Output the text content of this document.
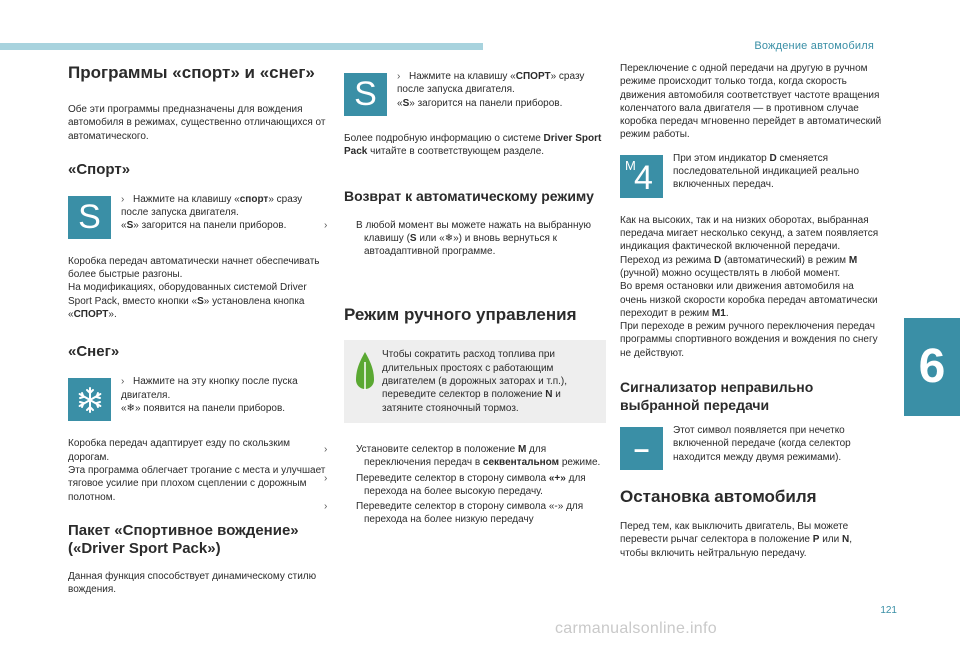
Вождение автомобиля
6
121
carmanualsonline.info
Программы «спорт» и «снег»

Обе эти программы предназначены для вождения автомобиля в режимах, существенно отличающихся от автоматического.

«Спорт»
S	› Нажмите на клавишу «спорт» сразу после запуска двигателя.
«S» загорится на панели приборов.

Коробка передач автоматически начнет обеспечивать более быстрые разгоны.

На модификациях, оборудованных системой Driver Sport Pack, вместо кнопки «S» установлена кнопка «СПОРТ».

«Снег»
› Нажмите на эту кнопку после пуска двигателя.
«❄» появится на панели приборов.

Коробка передач адаптирует езду по скользким дорогам.

Эта программа облегчает трогание с места и улучшает тяговое усилие при плохом сцеплении с дорожным полотном.

Пакет «Спортивное вождение»
(«Driver Sport Pack»)

Данная функция способствует динамическому стилю вождения.

S	› Нажмите на клавишу «СПОРТ» сразу после запуска двигателя.
«S» загорится на панели приборов.

Более подробную информацию о системе Driver Sport Pack читайте в соответствующем разделе.

Возврат к автоматическому режиму
›	В любой момент вы можете нажать на выбранную клавишу (S или «❄») и вновь вернуться к автоадаптивной программе.
Режим ручного управления
Чтобы сократить расход топлива при длительных простоях с работающим двигателем (в дорожных заторах и т.п.), переведите селектор в положение N и затяните стояночный тормоз.
›	Установите селектор в положение M для переключения передач в секвентальном режиме.
›	Переведите селектор в сторону символа «+» для перехода на более высокую передачу.
›	Переведите селектор в сторону символа «-» для перехода на более низкую передачу

Переключение с одной передачи на другую в ручном режиме происходит только тогда, когда скорость движения автомобиля соответствует частоте вращения коленчатого вала двигателя — в противном случае коробка передач мгновенно перейдет в автоматический режим работы.

M
4
При этом индикатор D сменяется последовательной индикацией реально включенных передач.

Как на высоких, так и на низких оборотах, выбранная передача мигает несколько секунд, а затем появляется индикация фактической включенной передачи.

Переход из режима D (автоматический) в режим M (ручной) можно осуществлять в любой момент.

Во время остановки или движения автомобиля на очень низкой скорости коробка передач автоматически переходит в режим M1.

При переходе в режим ручного переключения передач программы спортивного вождения и вождения по снегу не действуют.

Сигнализатор неправильно
выбранной передачи
–
Этот символ появляется при нечетко включенной передаче (когда селектор находится между двумя режимами).
Остановка автомобиля

Перед тем, как выключить двигатель, Вы можете перевести рычаг селектора в положение P или N, чтобы включить нейтральную передачу.
